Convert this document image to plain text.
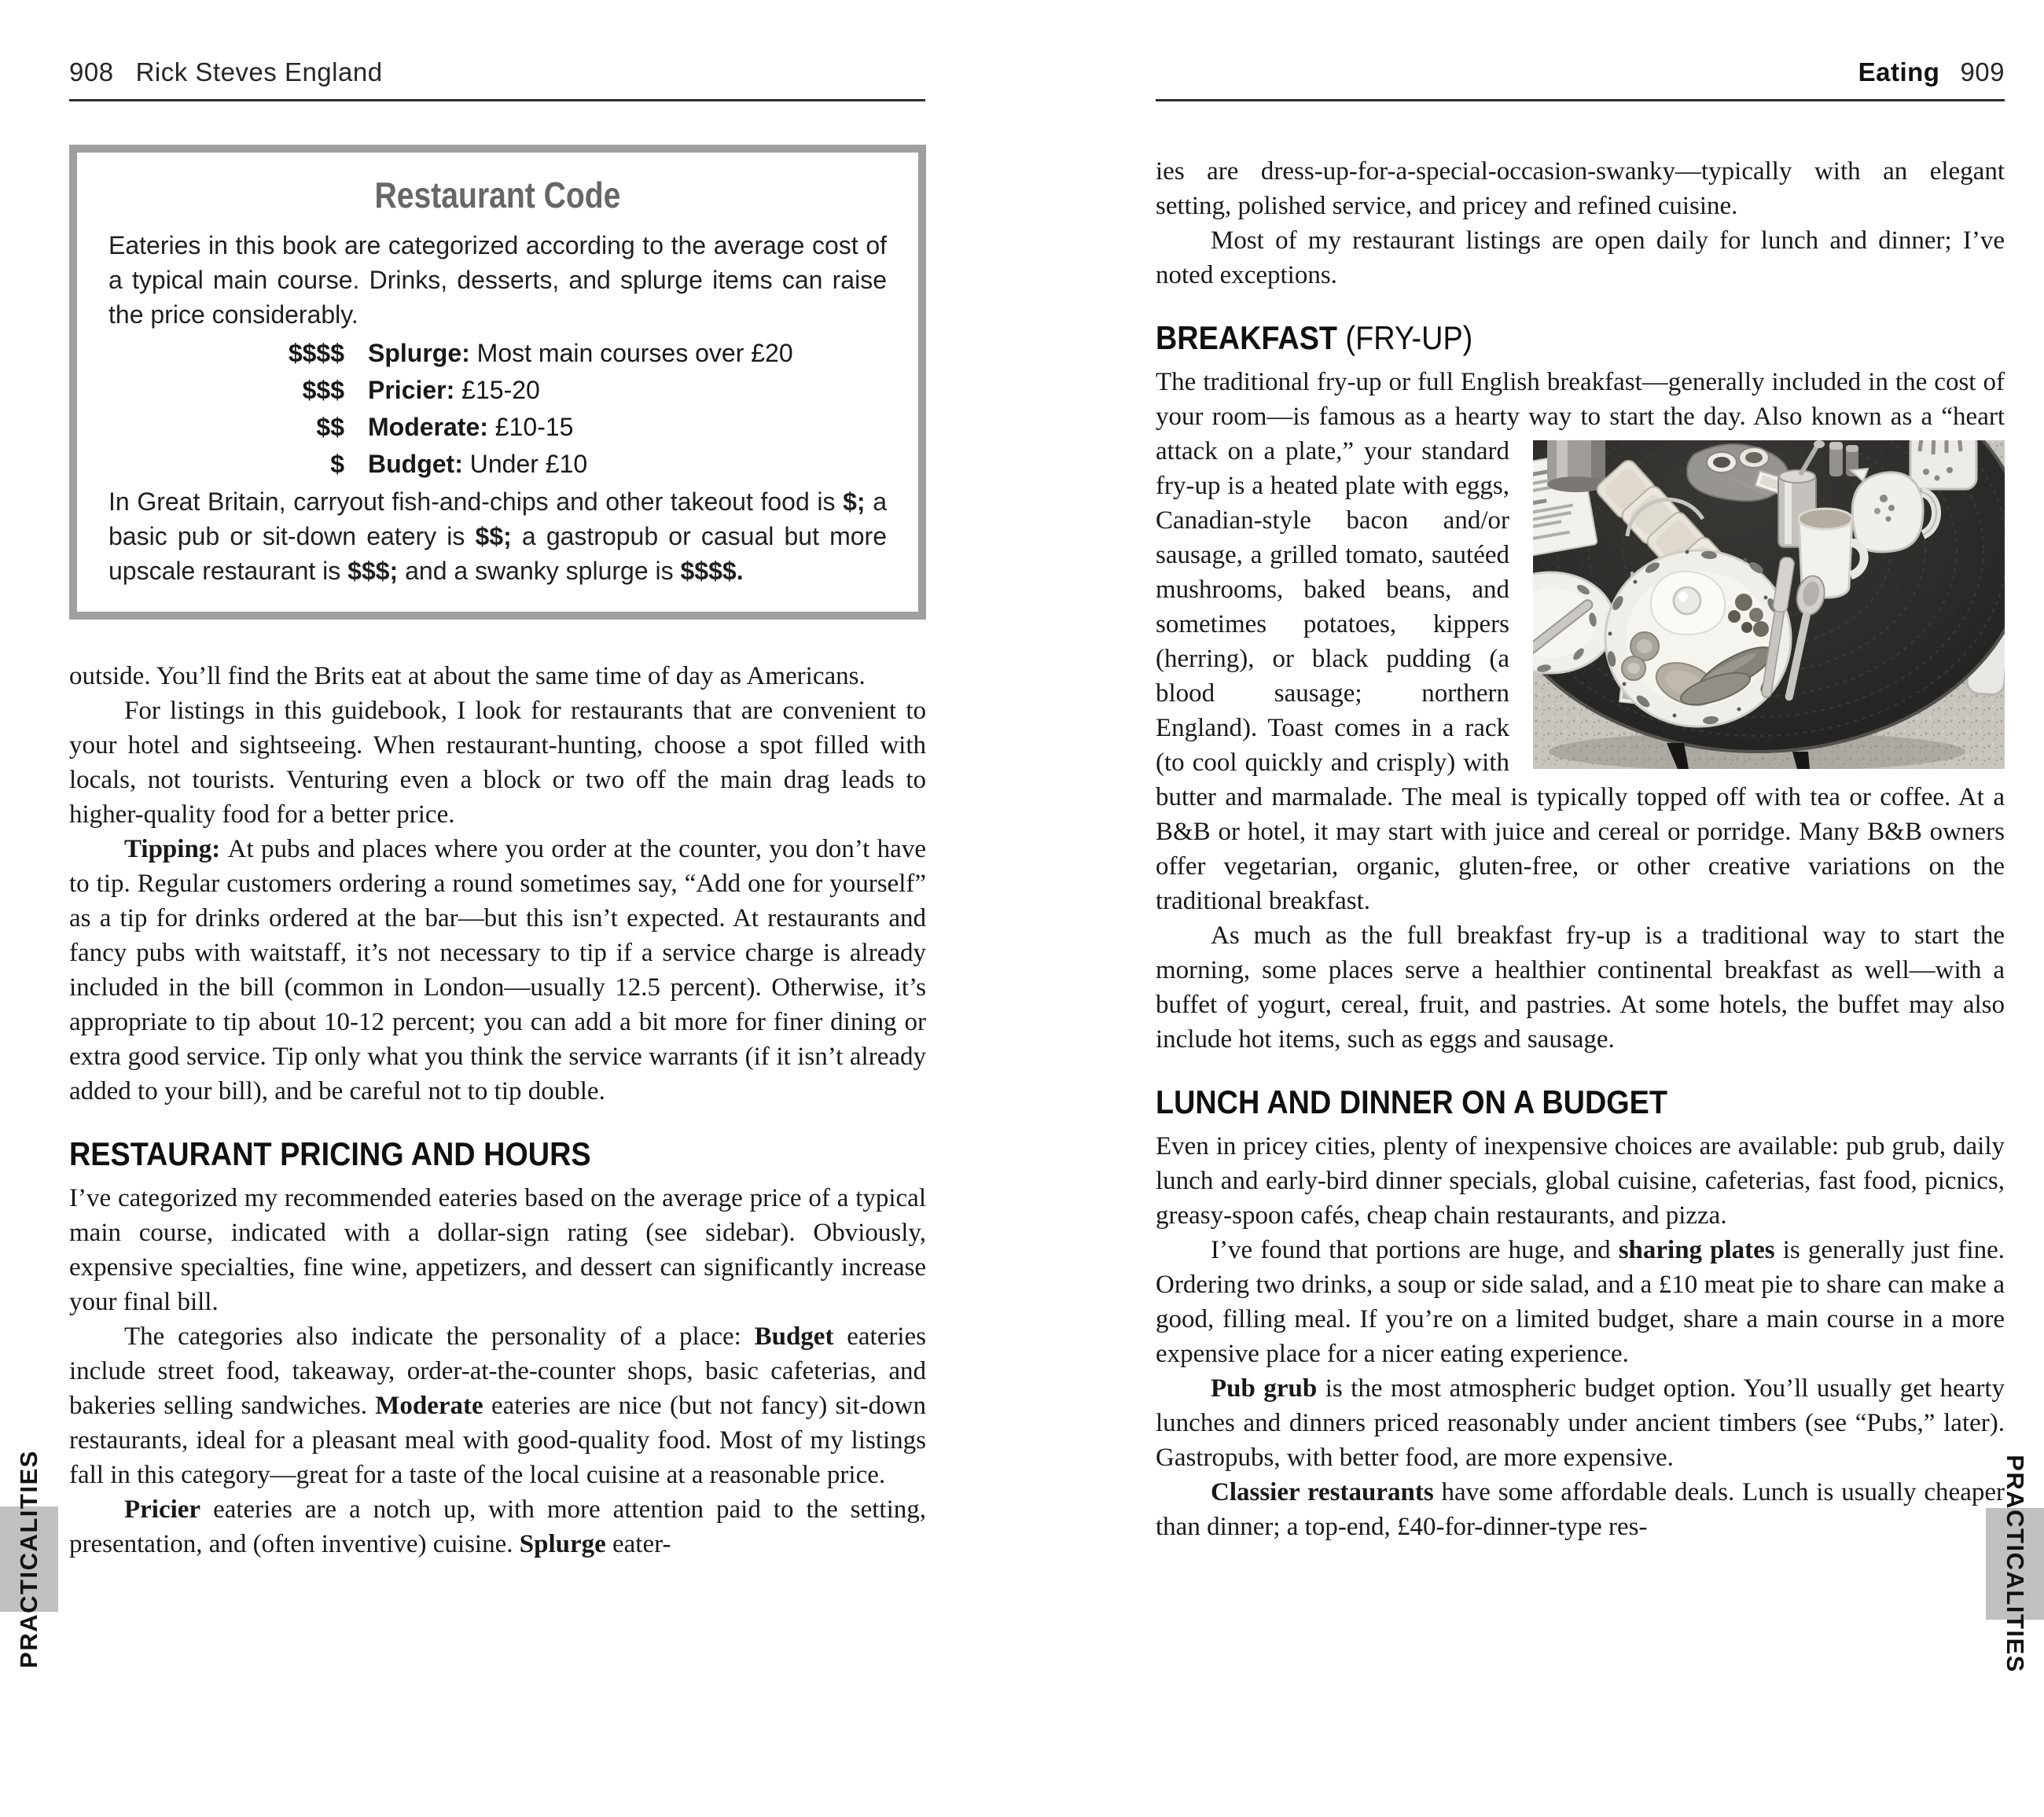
908 Rick Steves England	Eating 909
Restaurant Code

Eateries in this book are categorized according to the average cost of a typical main course. Drinks, desserts, and splurge items can raise the price considerably.

$$$$ Splurge: Most main courses over £20
$$$ Pricier: £15-20
$$ Moderate: £10-15
$ Budget: Under £10

In Great Britain, carryout fish-and-chips and other takeout food is $; a basic pub or sit-down eatery is $$; a gastropub or casual but more upscale restaurant is $$$; and a swanky splurge is $$$$.

outside. You’ll find the Brits eat at about the same time of day as Americans.

For listings in this guidebook, I look for restaurants that are convenient to your hotel and sightseeing. When restaurant-hunting, choose a spot filled with locals, not tourists. Venturing even a block or two off the main drag leads to higher-quality food for a better price.

Tipping: At pubs and places where you order at the counter, you don’t have to tip. Regular customers ordering a round sometimes say, “Add one for yourself” as a tip for drinks ordered at the bar—but this isn’t expected. At restaurants and fancy pubs with waitstaff, it’s not necessary to tip if a service charge is already included in the bill (common in London—usually 12.5 percent). Otherwise, it’s appropriate to tip about 10-12 percent; you can add a bit more for finer dining or extra good service. Tip only what you think the service warrants (if it isn’t already added to your bill), and be careful not to tip double.

RESTAURANT PRICING AND HOURS

I’ve categorized my recommended eateries based on the average price of a typical main course, indicated with a dollar-sign rating (see sidebar). Obviously, expensive specialties, fine wine, appetizers, and dessert can significantly increase your final bill.

The categories also indicate the personality of a place: Budget eateries include street food, takeaway, order-at-the-counter shops, basic cafeterias, and bakeries selling sandwiches. Moderate eateries are nice (but not fancy) sit-down restaurants, ideal for a pleasant meal with good-quality food. Most of my listings fall in this category—great for a taste of the local cuisine at a reasonable price.

Pricier eateries are a notch up, with more attention paid to the setting, presentation, and (often inventive) cuisine. Splurge eater-

ies are dress-up-for-a-special-occasion-swanky—typically with an elegant setting, polished service, and pricey and refined cuisine.

Most of my restaurant listings are open daily for lunch and dinner; I’ve noted exceptions.

BREAKFAST (FRY-UP)

The traditional fry-up or full English breakfast—generally included in the cost of your room—is famous as a hearty way to start the day.
Also known as a “heart attack on a plate,” your standard fry-up is a heated plate with eggs, Canadian-style bacon and/or sausage, a grilled tomato, sautéed mushrooms, baked beans, and sometimes potatoes, kippers (herring), or black pudding (a blood sausage; northern England). Toast comes in a rack (to cool quickly and crisply) with butter and marmalade. The meal is typically topped off with tea or coffee. At a B&B or hotel, it may start with juice and cereal or porridge. Many B&B owners offer vegetarian, organic, gluten-free, or other creative variations on the traditional breakfast.

As much as the full breakfast fry-up is a traditional way to start the morning, some places serve a healthier continental breakfast as well—with a buffet of yogurt, cereal, fruit, and pastries. At some hotels, the buffet may also include hot items, such as eggs and sausage.

LUNCH AND DINNER ON A BUDGET

Even in pricey cities, plenty of inexpensive choices are available: pub grub, daily lunch and early-bird dinner specials, global cuisine, cafeterias, fast food, picnics, greasy-spoon cafés, cheap chain restaurants, and pizza.

I’ve found that portions are huge, and sharing plates is generally just fine. Ordering two drinks, a soup or side salad, and a £10 meat pie to share can make a good, filling meal. If you’re on a limited budget, share a main course in a more expensive place for a nicer eating experience.

Pub grub is the most atmospheric budget option. You’ll usually get hearty lunches and dinners priced reasonably under ancient timbers (see “Pubs,” later). Gastropubs, with better food, are more expensive.

Classier restaurants have some affordable deals. Lunch is usually cheaper than dinner; a top-end, £40-for-dinner-type res-

PRACTICALITIES	PRACTICALITIES
